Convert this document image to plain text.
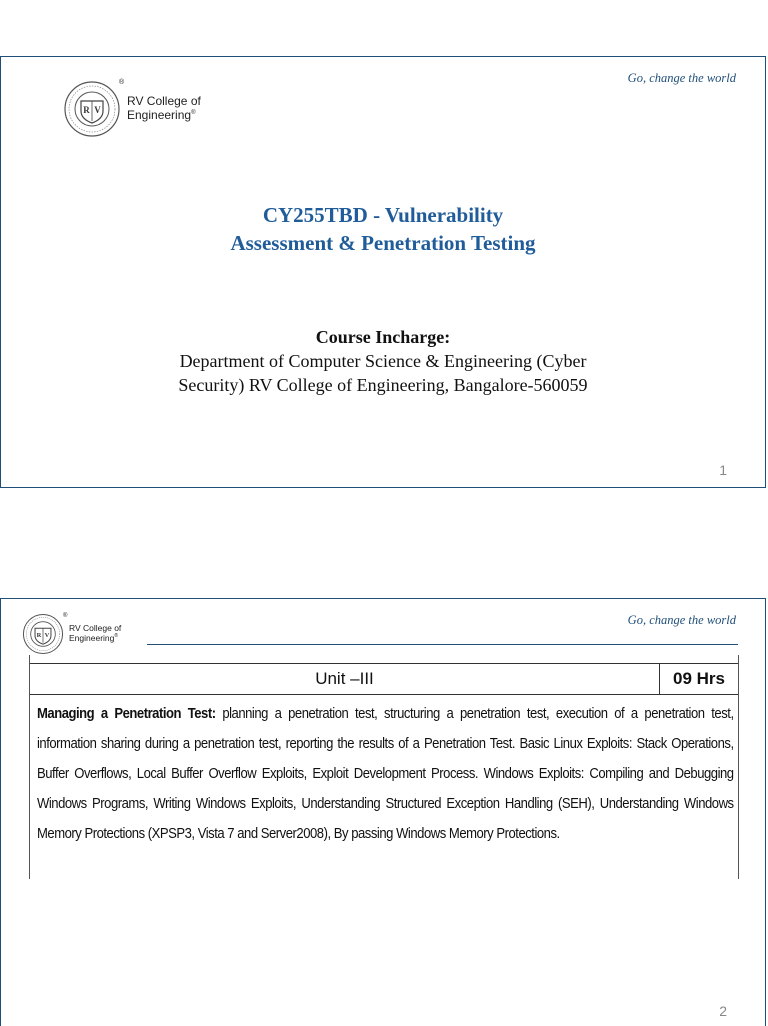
R V
RV College of
Engineering®
®	Go, change the world
CY255TBD - Vulnerability
Assessment & Penetration Testing
Course Incharge:
Department of Computer Science & Engineering (Cyber
Security) RV College of Engineering, Bangalore-560059
1
R V
RV College of
Engineering®
®	Go, change the world
Unit –III	09 Hrs
Managing a Penetration Test: planning a penetration test, structuring a penetration test, execution of a penetration test, information sharing during a penetration test, reporting the results of a Penetration Test. Basic Linux Exploits: Stack Operations, Buffer Overflows, Local Buffer Overflow Exploits, Exploit Development Process. Windows Exploits: Compiling and Debugging Windows Programs, Writing Windows Exploits, Understanding Structured Exception Handling (SEH), Understanding Windows Memory Protections (XPSP3, Vista 7 and Server2008), By passing Windows Memory Protections.
2
